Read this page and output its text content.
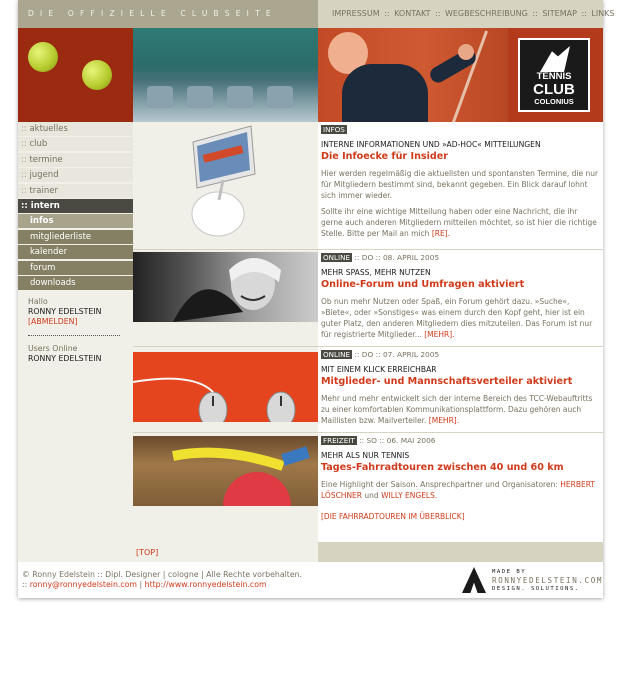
DIE OFFIZIELLE CLUBSEITE	IMPRESSUM :: KONTAKT :: WEGBESCHREIBUNG :: SITEMAP :: LINKS
TENNIS
CLUB
COLONIUS
:: aktuelles
:: club
:: termine
:: jugend
:: trainer
:: intern
infos
mitgliederliste
kalender
forum
downloads
Hallo
RONNY EDELSTEIN
[ABMELDEN]
Users Online
RONNY EDELSTEIN
INFOS
INTERNE INFORMATIONEN UND »AD-HOC« MITTEILUNGEN
Die Infoecke für Insider
Hier werden regelmäßig die aktuellsten und spontansten Termine, die nur für Mitgliedern bestimmt sind, bekannt gegeben. Ein Blick darauf lohnt sich immer wieder.
Sollte ihr eine wichtige Mitteilung haben oder eine Nachricht, die ihr gerne auch anderen Mitgliedern mitteilen möchtet, so ist hier die richtige Stelle. Bitte per Mail an mich [RE].
ONLINE :: DO :: 08. APRIL 2005
MEHR SPASS, MEHR NUTZEN
Online-Forum und Umfragen aktiviert
Ob nun mehr Nutzen oder Spaß, ein Forum gehört dazu. »Suche«, »Biete«, oder »Sonstiges« was einem durch den Kopf geht, hier ist ein guter Platz, den anderen Mitgliedern dies mitzuteilen. Das Forum ist nur für registrierte Mitglieder... [MEHR].
ONLINE :: DO :: 07. APRIL 2005
MIT EINEM KLICK ERREICHBAR
Mitglieder- und Mannschaftsverteiler aktiviert
Mehr und mehr entwickelt sich der interne Bereich des TCC-Webauftritts zu einer komfortablen Kommunikationsplattform. Dazu gehören auch Maillisten bzw. Mailverteiler. [MEHR].
FREIZEIT :: SO :: 06. MAI 2006
MEHR ALS NUR TENNIS
Tages-Fahrradtouren zwischen 40 und 60 km
Eine Highlight der Saison. Ansprechpartner und Organisatoren: HERBERT LÖSCHNER und WILLY ENGELS.
[DIE FAHRRADTOUREN IM ÜBERBLICK]
[TOP]
© Ronny Edelstein :: Dipl. Designer | cologne | Alle Rechte vorbehalten.
:: ronny@ronnyedelstein.com | http://www.ronnyedelstein.com
MADE BY
RONNYEDELSTEIN.COM
DESIGN. SOLUTIONS.
